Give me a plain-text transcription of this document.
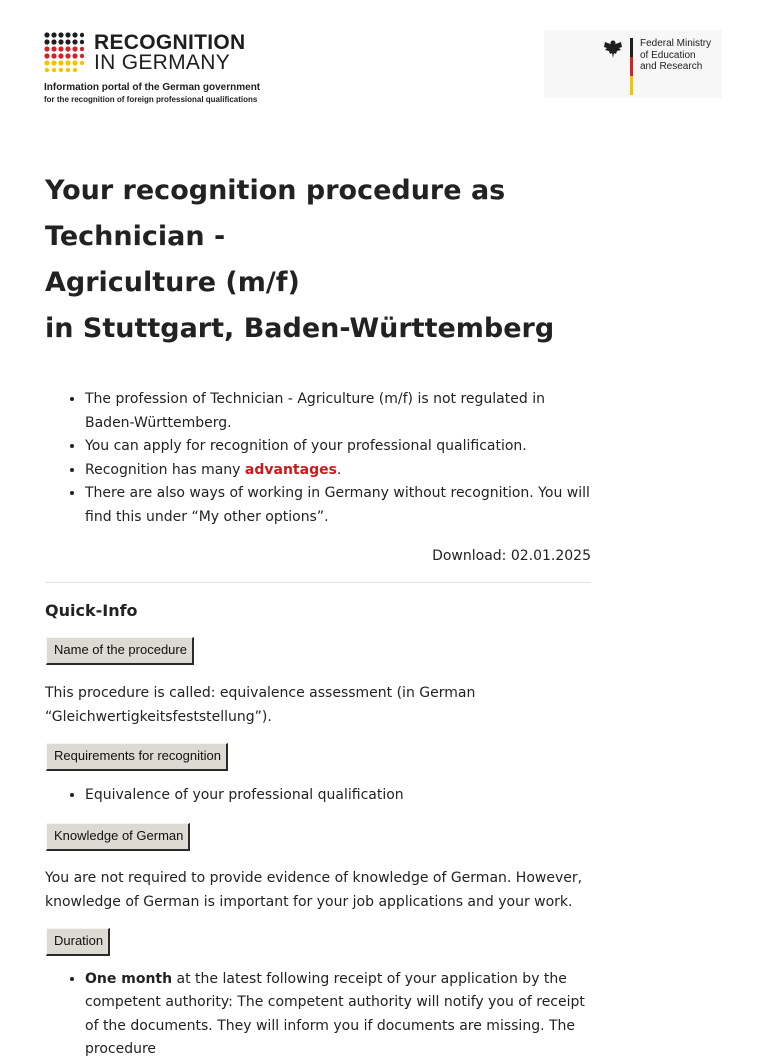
RECOGNITION
IN GERMANY
Information portal of the German government
for the recognition of foreign professional qualifications
Federal Ministry
of Education
and Research
Your recognition procedure as Technician -
Agriculture (m/f)
in Stuttgart, Baden-Württemberg
• The profession of Technician - Agriculture (m/f) is not regulated in Baden-Württemberg.
• You can apply for recognition of your professional qualification.
• Recognition has many advantages.
• There are also ways of working in Germany without recognition. You will find this under “My other options”.
Download: 02.01.2025
Quick-Info
Name of the procedure

This procedure is called: equivalence assessment (in German “Gleichwertigkeitsfeststellung”).

Requirements for recognition
• Equivalence of your professional qualification
Knowledge of German

You are not required to provide evidence of knowledge of German. However, knowledge of German is important for your job applications and your work.

Duration
• One month at the latest following receipt of your application by the competent authority: The competent authority will notify you of receipt of the documents. They will inform you if documents are missing. The procedure
